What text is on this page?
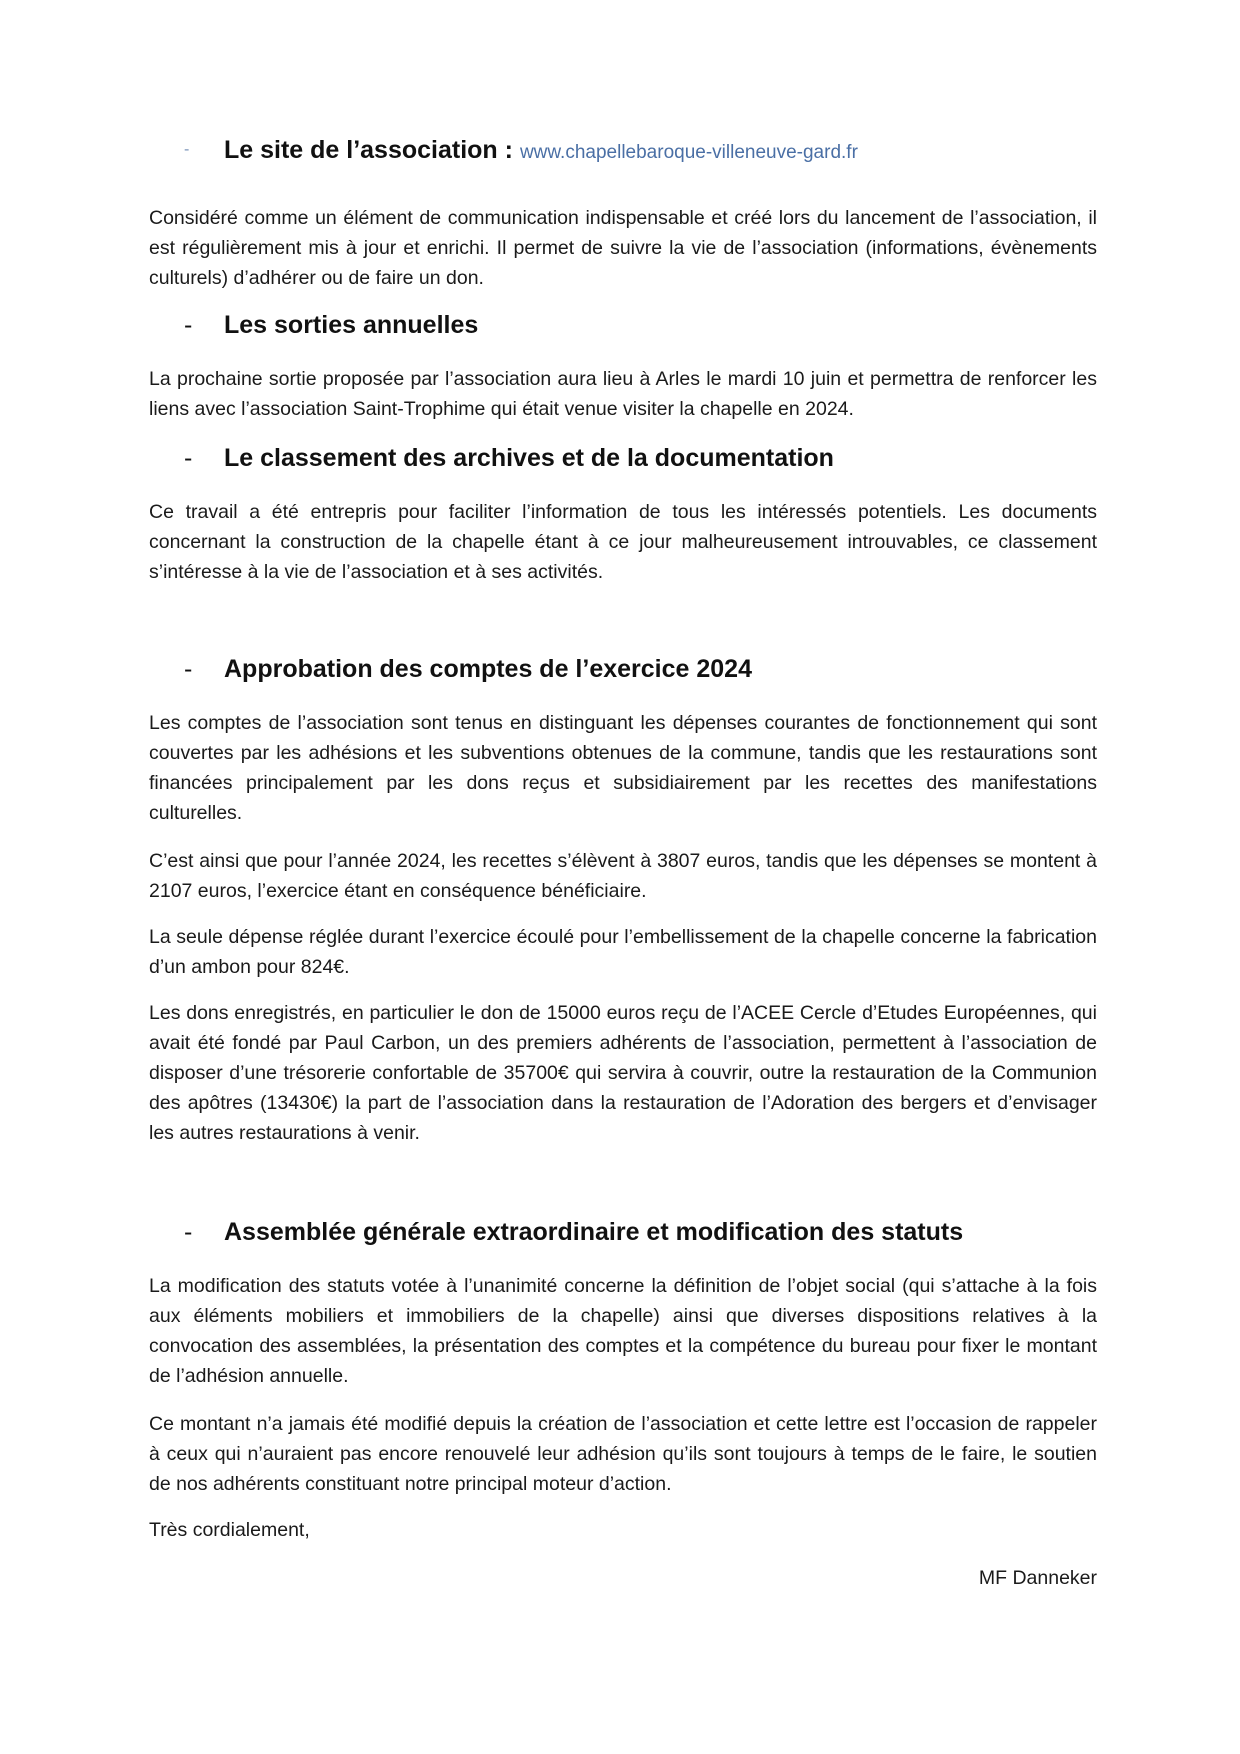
- Le site de l’association : www.chapellebaroque-villeneuve-gard.fr

Considéré comme un élément de communication indispensable et créé lors du lancement de l’association, il est régulièrement mis à jour et enrichi. Il permet de suivre la vie de l’association (informations, évènements culturels) d’adhérer ou de faire un don.

- Les sorties annuelles

La prochaine sortie proposée par l’association aura lieu à Arles le mardi 10 juin et permettra de renforcer les liens avec l’association Saint-Trophime qui était venue visiter la chapelle en 2024.

- Le classement des archives et de la documentation

Ce travail a été entrepris pour faciliter l’information de tous les intéressés potentiels. Les documents concernant la construction de la chapelle étant à ce jour malheureusement introuvables, ce classement s’intéresse à la vie de l’association et à ses activités.

- Approbation des comptes de l’exercice 2024

Les comptes de l’association sont tenus en distinguant les dépenses courantes de fonctionnement qui sont couvertes par les adhésions et les subventions obtenues de la commune, tandis que les restaurations sont financées principalement par les dons reçus et subsidiairement par les recettes des manifestations culturelles.

C’est ainsi que pour l’année 2024, les recettes s’élèvent à 3807 euros, tandis que les dépenses se montent à 2107 euros, l’exercice étant en conséquence bénéficiaire.

La seule dépense réglée durant l’exercice écoulé pour l’embellissement de la chapelle concerne la fabrication d’un ambon pour 824€.

Les dons enregistrés, en particulier le don de 15000 euros reçu de l’ACEE Cercle d’Etudes Européennes, qui avait été fondé par Paul Carbon, un des premiers adhérents de l’association, permettent à l’association de disposer d’une trésorerie confortable de 35700€ qui servira à couvrir, outre la restauration de la Communion des apôtres (13430€) la part de l’association dans la restauration de l’Adoration des bergers et d’envisager les autres restaurations à venir.

- Assemblée générale extraordinaire et modification des statuts

La modification des statuts votée à l’unanimité concerne la définition de l’objet social (qui s’attache à la fois aux éléments mobiliers et immobiliers de la chapelle) ainsi que diverses dispositions relatives à la convocation des assemblées, la présentation des comptes et la compétence du bureau pour fixer le montant de l’adhésion annuelle.

Ce montant n’a jamais été modifié depuis la création de l’association et cette lettre est l’occasion de rappeler à ceux qui n’auraient pas encore renouvelé leur adhésion qu’ils sont toujours à temps de le faire, le soutien de nos adhérents constituant notre principal moteur d’action.

Très cordialement,

MF Danneker
